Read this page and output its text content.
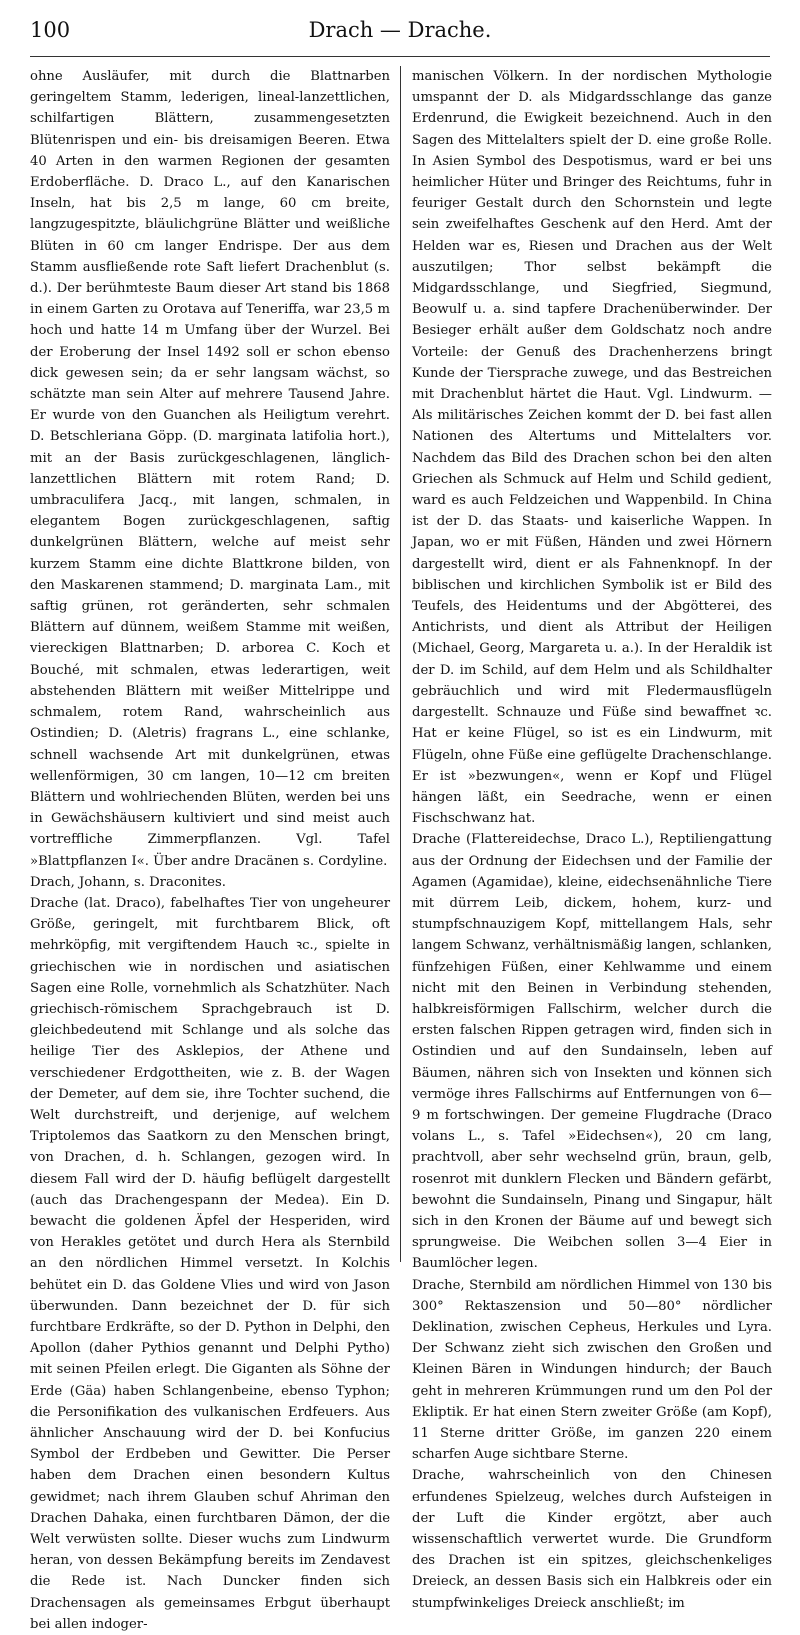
100	Drach — Drache.

ohne Ausläufer, mit durch die Blattnarben geringeltem Stamm, lederigen, lineal-lanzettlichen, schilfartigen Blättern, zusammengesetzten Blütenrispen und ein- bis dreisamigen Beeren. Etwa 40 Arten in den warmen Regionen der gesamten Erdoberfläche. D. Draco L., auf den Kanarischen Inseln, hat bis 2,5 m lange, 60 cm breite, langzugespitzte, bläulichgrüne Blätter und weißliche Blüten in 60 cm langer Endrispe. Der aus dem Stamm ausfließende rote Saft liefert Drachenblut (s. d.). Der berühmteste Baum dieser Art stand bis 1868 in einem Garten zu Orotava auf Teneriffa, war 23,5 m hoch und hatte 14 m Umfang über der Wurzel. Bei der Eroberung der Insel 1492 soll er schon ebenso dick gewesen sein; da er sehr langsam wächst, so schätzte man sein Alter auf mehrere Tausend Jahre. Er wurde von den Guanchen als Heiligtum verehrt. D. Betschleriana Göpp. (D. marginata latifolia hort.), mit an der Basis zurückgeschlagenen, länglich-lanzettlichen Blättern mit rotem Rand; D. umbraculifera Jacq., mit langen, schmalen, in elegantem Bogen zurückgeschlagenen, saftig dunkelgrünen Blättern, welche auf meist sehr kurzem Stamm eine dichte Blattkrone bilden, von den Maskarenen stammend; D. marginata Lam., mit saftig grünen, rot geränderten, sehr schmalen Blättern auf dünnem, weißem Stamme mit weißen, viereckigen Blattnarben; D. arborea C. Koch et Bouché, mit schmalen, etwas lederartigen, weit abstehenden Blättern mit weißer Mittelrippe und schmalem, rotem Rand, wahrscheinlich aus Ostindien; D. (Aletris) fragrans L., eine schlanke, schnell wachsende Art mit dunkelgrünen, etwas wellenförmigen, 30 cm langen, 10—12 cm breiten Blättern und wohlriechenden Blüten, werden bei uns in Gewächshäusern kultiviert und sind meist auch vortreffliche Zimmerpflanzen. Vgl. Tafel »Blattpflanzen I«. Über andre Dracänen s. Cordyline.

Drach, Johann, s. Draconites.

Drache (lat. Draco), fabelhaftes Tier von ungeheurer Größe, geringelt, mit furchtbarem Blick, oft mehrköpfig, mit vergiftendem Hauch ꝛc., spielte in griechischen wie in nordischen und asiatischen Sagen eine Rolle, vornehmlich als Schatzhüter. Nach griechisch-römischem Sprachgebrauch ist D. gleichbedeutend mit Schlange und als solche das heilige Tier des Asklepios, der Athene und verschiedener Erdgottheiten, wie z. B. der Wagen der Demeter, auf dem sie, ihre Tochter suchend, die Welt durchstreift, und derjenige, auf welchem Triptolemos das Saatkorn zu den Menschen bringt, von Drachen, d. h. Schlangen, gezogen wird. In diesem Fall wird der D. häufig beflügelt dargestellt (auch das Drachengespann der Medea). Ein D. bewacht die goldenen Äpfel der Hesperiden, wird von Herakles getötet und durch Hera als Sternbild an den nördlichen Himmel versetzt. In Kolchis behütet ein D. das Goldene Vlies und wird von Jason überwunden. Dann bezeichnet der D. für sich furchtbare Erdkräfte, so der D. Python in Delphi, den Apollon (daher Pythios genannt und Delphi Pytho) mit seinen Pfeilen erlegt. Die Giganten als Söhne der Erde (Gäa) haben Schlangenbeine, ebenso Typhon; die Personifikation des vulkanischen Erdfeuers. Aus ähnlicher Anschauung wird der D. bei Konfucius Symbol der Erdbeben und Gewitter. Die Perser haben dem Drachen einen besondern Kultus gewidmet; nach ihrem Glauben schuf Ahriman den Drachen Dahaka, einen furchtbaren Dämon, der die Welt verwüsten sollte. Dieser wuchs zum Lindwurm heran, von dessen Bekämpfung bereits im Zendavest die Rede ist. Nach Duncker finden sich Drachensagen als gemeinsames Erbgut überhaupt bei allen indoger-

manischen Völkern. In der nordischen Mythologie umspannt der D. als Midgardsschlange das ganze Erdenrund, die Ewigkeit bezeichnend. Auch in den Sagen des Mittelalters spielt der D. eine große Rolle. In Asien Symbol des Despotismus, ward er bei uns heimlicher Hüter und Bringer des Reichtums, fuhr in feuriger Gestalt durch den Schornstein und legte sein zweifelhaftes Geschenk auf den Herd. Amt der Helden war es, Riesen und Drachen aus der Welt auszutilgen; Thor selbst bekämpft die Midgardsschlange, und Siegfried, Siegmund, Beowulf u. a. sind tapfere Drachenüberwinder. Der Besieger erhält außer dem Goldschatz noch andre Vorteile: der Genuß des Drachenherzens bringt Kunde der Tiersprache zuwege, und das Bestreichen mit Drachenblut härtet die Haut. Vgl. Lindwurm. — Als militärisches Zeichen kommt der D. bei fast allen Nationen des Altertums und Mittelalters vor. Nachdem das Bild des Drachen schon bei den alten Griechen als Schmuck auf Helm und Schild gedient, ward es auch Feldzeichen und Wappenbild. In China ist der D. das Staats- und kaiserliche Wappen. In Japan, wo er mit Füßen, Händen und zwei Hörnern dargestellt wird, dient er als Fahnenknopf. In der biblischen und kirchlichen Symbolik ist er Bild des Teufels, des Heidentums und der Abgötterei, des Antichrists, und dient als Attribut der Heiligen (Michael, Georg, Margareta u. a.). In der Heraldik ist der D. im Schild, auf dem Helm und als Schildhalter gebräuchlich und wird mit Fledermausflügeln dargestellt. Schnauze und Füße sind bewaffnet ꝛc. Hat er keine Flügel, so ist es ein Lindwurm, mit Flügeln, ohne Füße eine geflügelte Drachenschlange. Er ist »bezwungen«, wenn er Kopf und Flügel hängen läßt, ein Seedrache, wenn er einen Fischschwanz hat.

Drache (Flattereidechse, Draco L.), Reptiliengattung aus der Ordnung der Eidechsen und der Familie der Agamen (Agamidae), kleine, eidechsenähnliche Tiere mit dürrem Leib, dickem, hohem, kurz- und stumpfschnauzigem Kopf, mittellangem Hals, sehr langem Schwanz, verhältnismäßig langen, schlanken, fünfzehigen Füßen, einer Kehlwamme und einem nicht mit den Beinen in Verbindung stehenden, halbkreisförmigen Fallschirm, welcher durch die ersten falschen Rippen getragen wird, finden sich in Ostindien und auf den Sundainseln, leben auf Bäumen, nähren sich von Insekten und können sich vermöge ihres Fallschirms auf Entfernungen von 6—9 m fortschwingen. Der gemeine Flugdrache (Draco volans L., s. Tafel »Eidechsen«), 20 cm lang, prachtvoll, aber sehr wechselnd grün, braun, gelb, rosenrot mit dunklern Flecken und Bändern gefärbt, bewohnt die Sundainseln, Pinang und Singapur, hält sich in den Kronen der Bäume auf und bewegt sich sprungweise. Die Weibchen sollen 3—4 Eier in Baumlöcher legen.

Drache, Sternbild am nördlichen Himmel von 130 bis 300° Rektaszension und 50—80° nördlicher Deklination, zwischen Cepheus, Herkules und Lyra. Der Schwanz zieht sich zwischen den Großen und Kleinen Bären in Windungen hindurch; der Bauch geht in mehreren Krümmungen rund um den Pol der Ekliptik. Er hat einen Stern zweiter Größe (am Kopf), 11 Sterne dritter Größe, im ganzen 220 einem scharfen Auge sichtbare Sterne.

Drache, wahrscheinlich von den Chinesen erfundenes Spielzeug, welches durch Aufsteigen in der Luft die Kinder ergötzt, aber auch wissenschaftlich verwertet wurde. Die Grundform des Drachen ist ein spitzes, gleichschenkeliges Dreieck, an dessen Basis sich ein Halbkreis oder ein stumpfwinkeliges Dreieck anschließt; im
